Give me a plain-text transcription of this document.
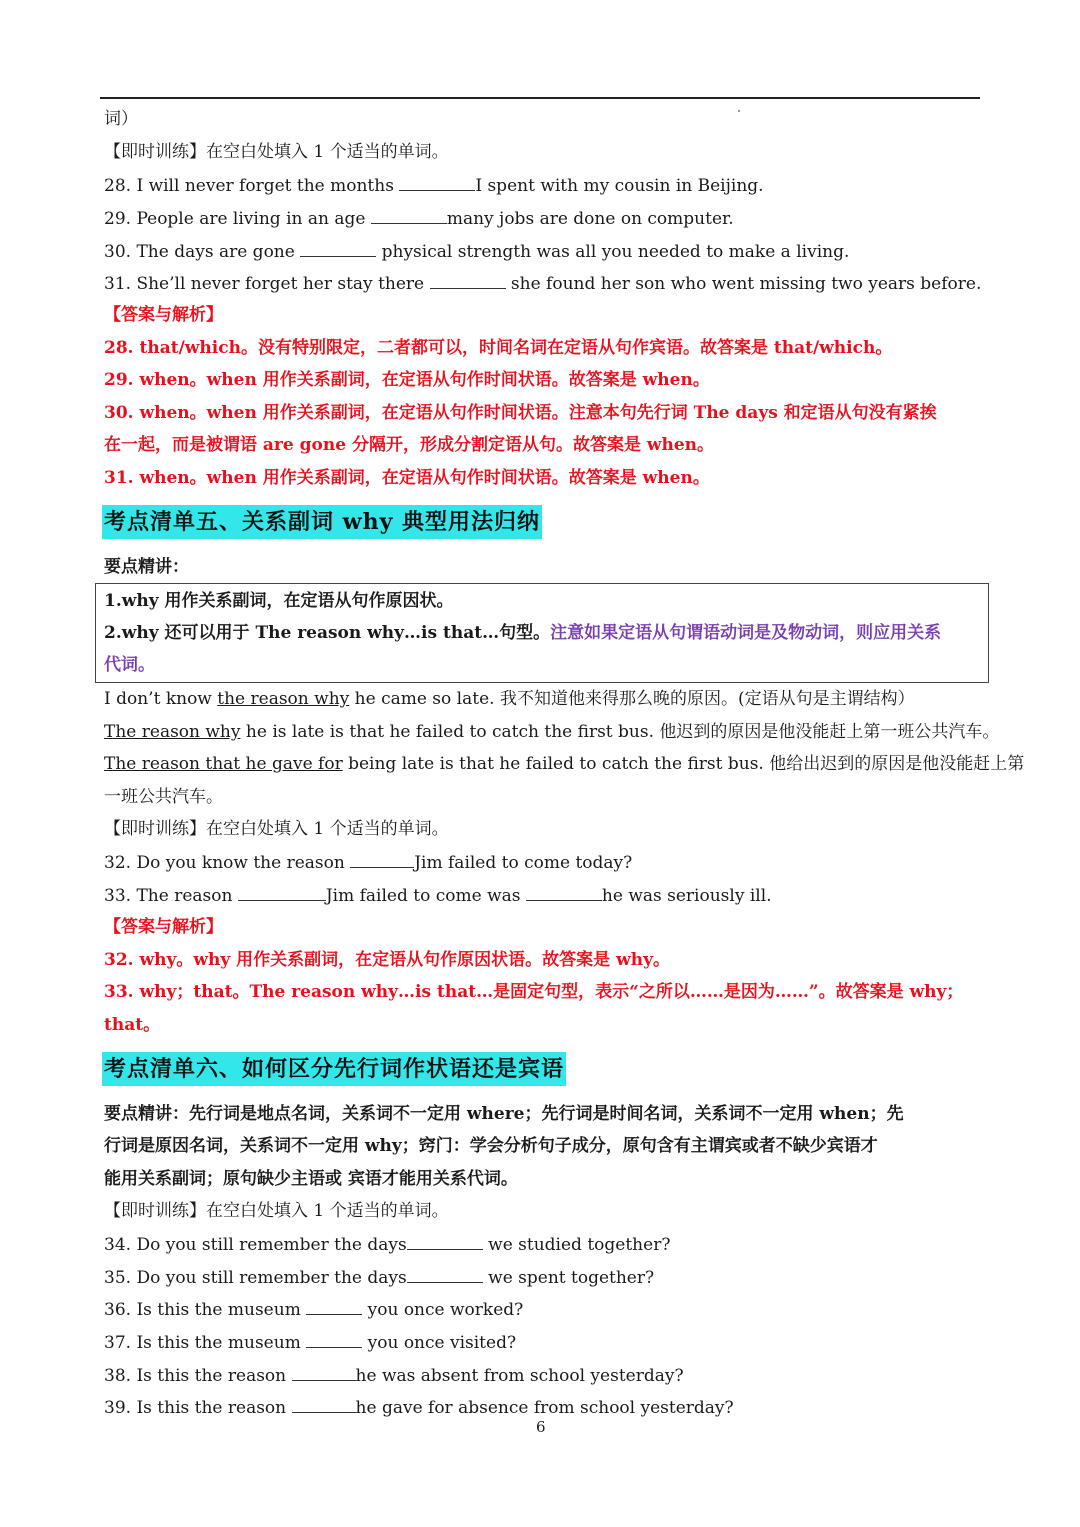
词）
【即时训练】在空白处填入 1 个适当的单词。
28. I will never forget the months	I spent with my cousin in Beijing.
29. People are living in an age	many jobs are done on computer.
30. The days are gone	physical strength was all you needed to make a living.
31. She’ll never forget her stay there	she found her son who went missing two years before.
【答案与解析】
28. that/which。没有特别限定，二者都可以，时间名词在定语从句作宾语。故答案是 that/which。
29. when。when 用作关系副词，在定语从句作时间状语。故答案是 when。
30. when。when 用作关系副词，在定语从句作时间状语。注意本句先行词 The days 和定语从句没有紧挨
在一起，而是被谓语 are gone 分隔开，形成分割定语从句。故答案是 when。
31. when。when 用作关系副词，在定语从句作时间状语。故答案是 when。
考点清单五、关系副词 why 典型用法归纳
要点精讲：
1.why 用作关系副词，在定语从句作原因状。
2.why 还可以用于 The reason why…is that…句型。注意如果定语从句谓语动词是及物动词，则应用关系
代词。
I don’t know the reason why he came so late. 我不知道他来得那么晚的原因。(定语从句是主谓结构）
The reason why he is late is that he failed to catch the first bus. 他迟到的原因是他没能赶上第一班公共汽车。
The reason that he gave for being late is that he failed to catch the first bus. 他给出迟到的原因是他没能赶上第
一班公共汽车。
【即时训练】在空白处填入 1 个适当的单词。
32. Do you know the reason	Jim failed to come today?
33. The reason	Jim failed to come was	he was seriously ill.
【答案与解析】
32. why。why 用作关系副词，在定语从句作原因状语。故答案是 why。
33. why；that。The reason why…is that…是固定句型，表示“之所以……是因为……”。故答案是 why；
that。
考点清单六、如何区分先行词作状语还是宾语
要点精讲：先行词是地点名词，关系词不一定用 where；先行词是时间名词，关系词不一定用 when；先
行词是原因名词，关系词不一定用 why；窍门：学会分析句子成分，原句含有主谓宾或者不缺少宾语才
能用关系副词；原句缺少主语或 宾语才能用关系代词。
【即时训练】在空白处填入 1 个适当的单词。
34. Do you still remember the days	we studied together?
35. Do you still remember the days	we spent together?
36. Is this the museum	you once worked?
37. Is this the museum	you once visited?
38. Is this the reason	he was absent from school yesterday?
39. Is this the reason	he gave for absence from school yesterday?
6
